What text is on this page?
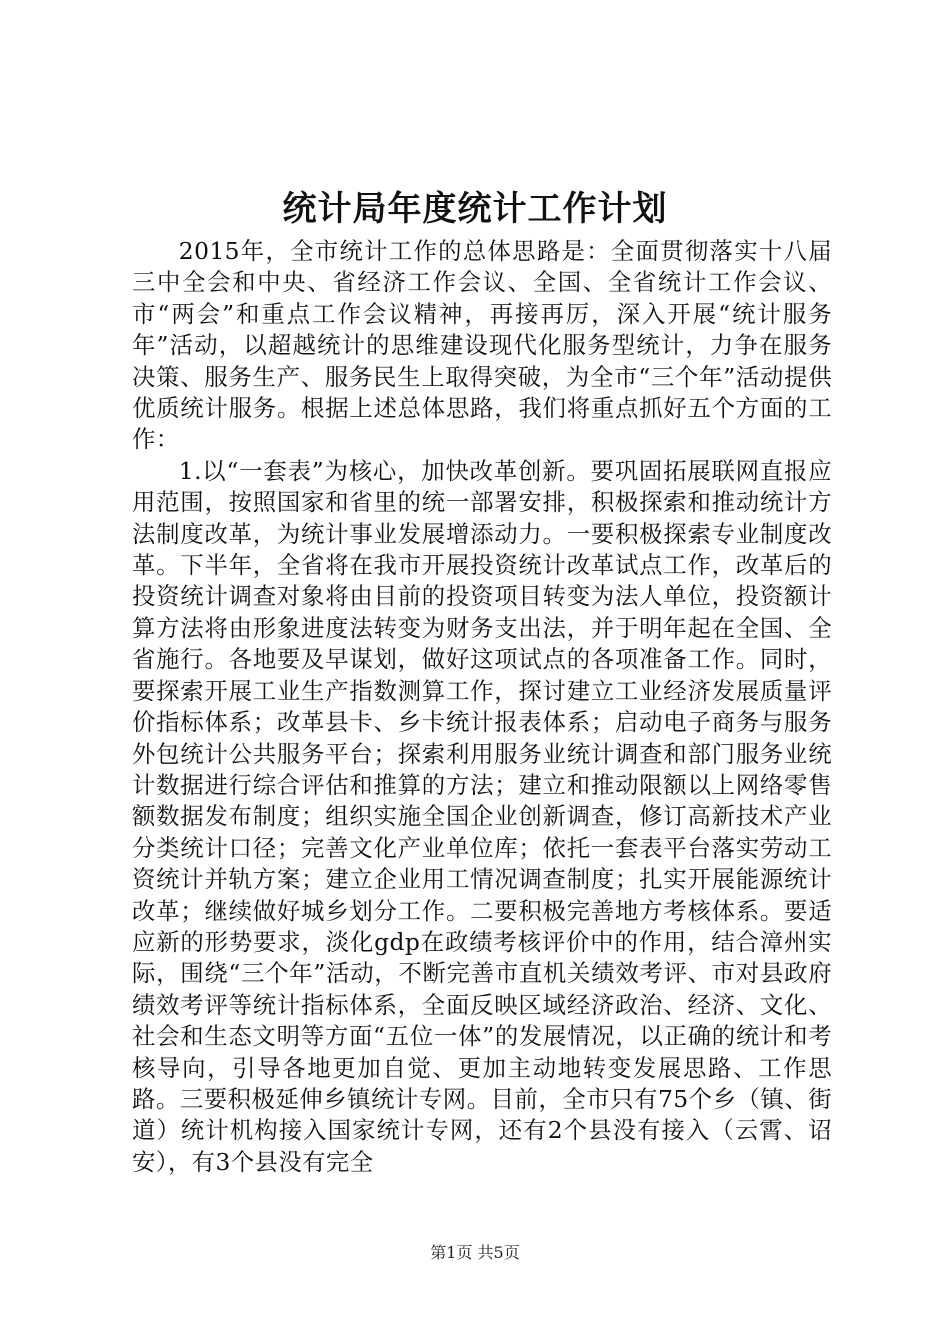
统计局年度统计工作计划

2015年，全市统计工作的总体思路是：全面贯彻落实十八届三中全会和中央、省经济工作会议、全国、全省统计工作会议、市“两会”和重点工作会议精神，再接再厉，深入开展“统计服务年”活动，以超越统计的思维建设现代化服务型统计，力争在服务决策、服务生产、服务民生上取得突破，为全市“三个年”活动提供优质统计服务。根据上述总体思路，我们将重点抓好五个方面的工作：

1.以“一套表”为核心，加快改革创新。要巩固拓展联网直报应用范围，按照国家和省里的统一部署安排，积极探索和推动统计方法制度改革，为统计事业发展增添动力。一要积极探索专业制度改革。下半年，全省将在我市开展投资统计改革试点工作，改革后的投资统计调查对象将由目前的投资项目转变为法人单位，投资额计算方法将由形象进度法转变为财务支出法，并于明年起在全国、全省施行。各地要及早谋划，做好这项试点的各项准备工作。同时，要探索开展工业生产指数测算工作，探讨建立工业经济发展质量评价指标体系；改革县卡、乡卡统计报表体系；启动电子商务与服务外包统计公共服务平台；探索利用服务业统计调查和部门服务业统计数据进行综合评估和推算的方法；建立和推动限额以上网络零售额数据发布制度；组织实施全国企业创新调查，修订高新技术产业分类统计口径；完善文化产业单位库；依托一套表平台落实劳动工资统计并轨方案；建立企业用工情况调查制度；扎实开展能源统计改革；继续做好城乡划分工作。二要积极完善地方考核体系。要适应新的形势要求，淡化gdp在政绩考核评价中的作用，结合漳州实际，围绕“三个年”活动，不断完善市直机关绩效考评、市对县政府绩效考评等统计指标体系，全面反映区域经济政治、经济、文化、社会和生态文明等方面“五位一体”的发展情况，以正确的统计和考核导向，引导各地更加自觉、更加主动地转变发展思路、工作思路。三要积极延伸乡镇统计专网。目前，全市只有75个乡（镇、街道）统计机构接入国家统计专网，还有2个县没有接入（云霄、诏安），有3个县没有完全

第1页 共5页
